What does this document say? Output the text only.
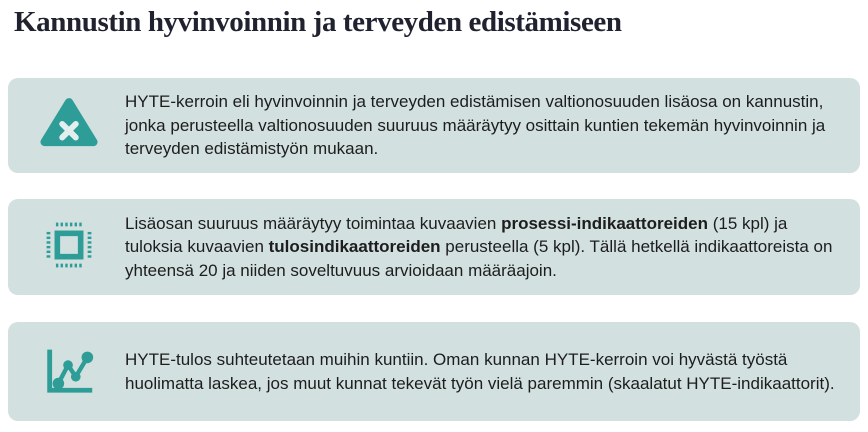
Kannustin hyvinvoinnin ja terveyden edistämiseen

HYTE-kerroin eli hyvinvoinnin ja terveyden edistämisen valtionosuuden lisäosa on kannustin, jonka perusteella valtionosuuden suuruus määräytyy osittain kuntien tekemän hyvinvoinnin ja terveyden edistämistyön mukaan.

Lisäosan suuruus määräytyy toimintaa kuvaavien prosessi-indikaattoreiden (15 kpl) ja tuloksia kuvaavien tulosindikaattoreiden perusteella (5 kpl). Tällä hetkellä indikaattoreista on yhteensä 20 ja niiden soveltuvuus arvioidaan määräajoin.

HYTE-tulos suhteutetaan muihin kuntiin. Oman kunnan HYTE-kerroin voi hyvästä työstä huolimatta laskea, jos muut kunnat tekevät työn vielä paremmin (skaalatut HYTE-indikaattorit).
